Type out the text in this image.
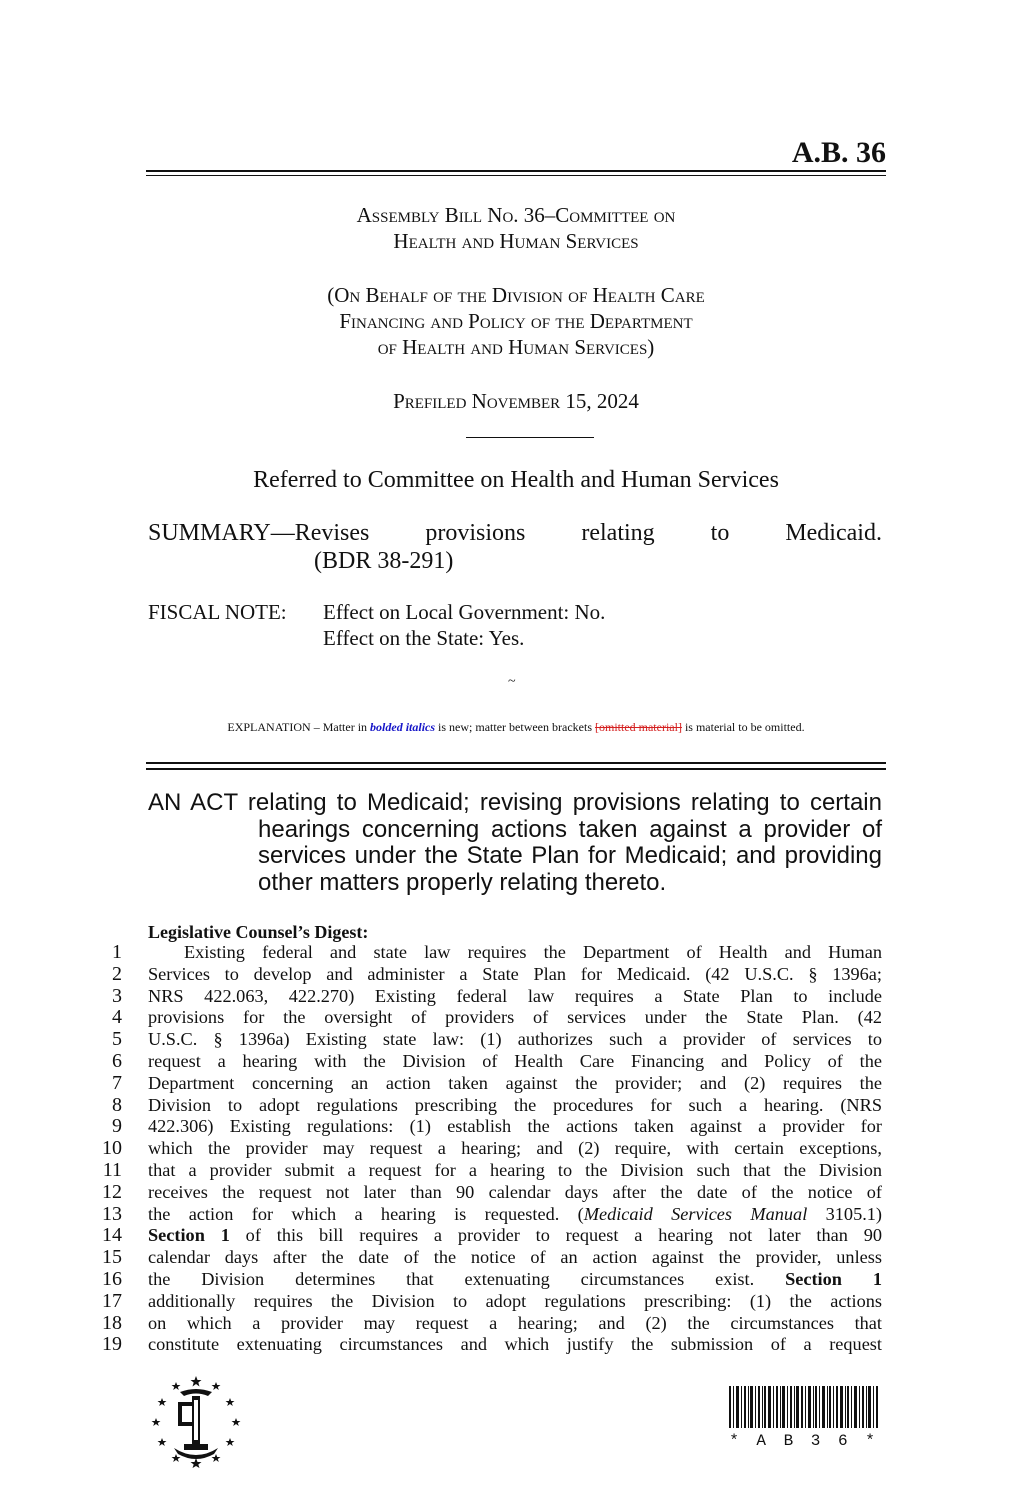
A.B. 36
Assembly Bill No. 36–Committee on
Health and Human Services
(On Behalf of the Division of Health Care
Financing and Policy of the Department
of Health and Human Services)
Prefiled November 15, 2024
Referred to Committee on Health and Human Services
SUMMARY—Revises provisions relating to Medicaid.
(BDR 38-291)
FISCAL NOTE: Effect on Local Government: No.
Effect on the State: Yes.
~
EXPLANATION – Matter in bolded italics is new; matter between brackets [omitted material] is material to be omitted.
AN ACT relating to Medicaid; revising provisions relating to certain
hearings concerning actions taken against a provider of
services under the State Plan for Medicaid; and providing
other matters properly relating thereto.
Legislative Counsel’s Digest:
1	Existing federal and state law requires the Department of Health and Human
2 Services to develop and administer a State Plan for Medicaid. (42 U.S.C. § 1396a;
3 NRS 422.063, 422.270) Existing federal law requires a State Plan to include
4 provisions for the oversight of providers of services under the State Plan. (42
5 U.S.C. § 1396a) Existing state law: (1) authorizes such a provider of services to
6 request a hearing with the Division of Health Care Financing and Policy of the
7 Department concerning an action taken against the provider; and (2) requires the
8 Division to adopt regulations prescribing the procedures for such a hearing. (NRS
9 422.306) Existing regulations: (1) establish the actions taken against a provider for
10 which the provider may request a hearing; and (2) require, with certain exceptions,
11 that a provider submit a request for a hearing to the Division such that the Division
12 receives the request not later than 90 calendar days after the date of the notice of
13 the action for which a hearing is requested. (Medicaid Services Manual 3105.1)
14 Section 1 of this bill requires a provider to request a hearing not later than 90
15 calendar days after the date of the notice of an action against the provider, unless
16 the Division determines that extenuating circumstances exist. Section 1
17 additionally requires the Division to adopt regulations prescribing: (1) the actions
18 on which a provider may request a hearing; and (2) the circumstances that
19 constitute extenuating circumstances and which justify the submission of a request
* A B 3 6 *
